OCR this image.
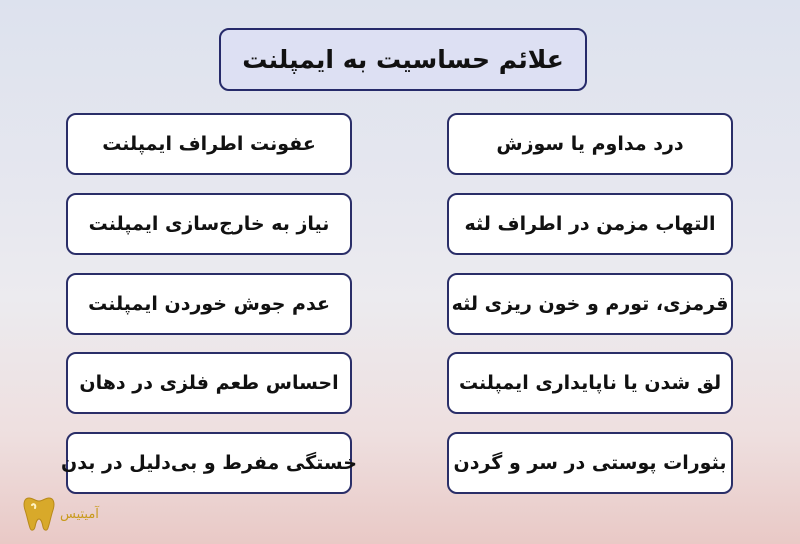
علائم حساسیت به ایمپلنت
درد مداوم یا سوزش
التهاب مزمن در اطراف لثه
قرمزی، تورم و خون ریزی لثه
لق شدن یا ناپایداری ایمپلنت
بثورات پوستی در سر و گردن
عفونت اطراف ایمپلنت
نیاز به خارج‌سازی ایمپلنت
عدم جوش خوردن ایمپلنت
احساس طعم فلزی در دهان
خستگی مفرط و بی‌دلیل در بدن
آمیتیس
